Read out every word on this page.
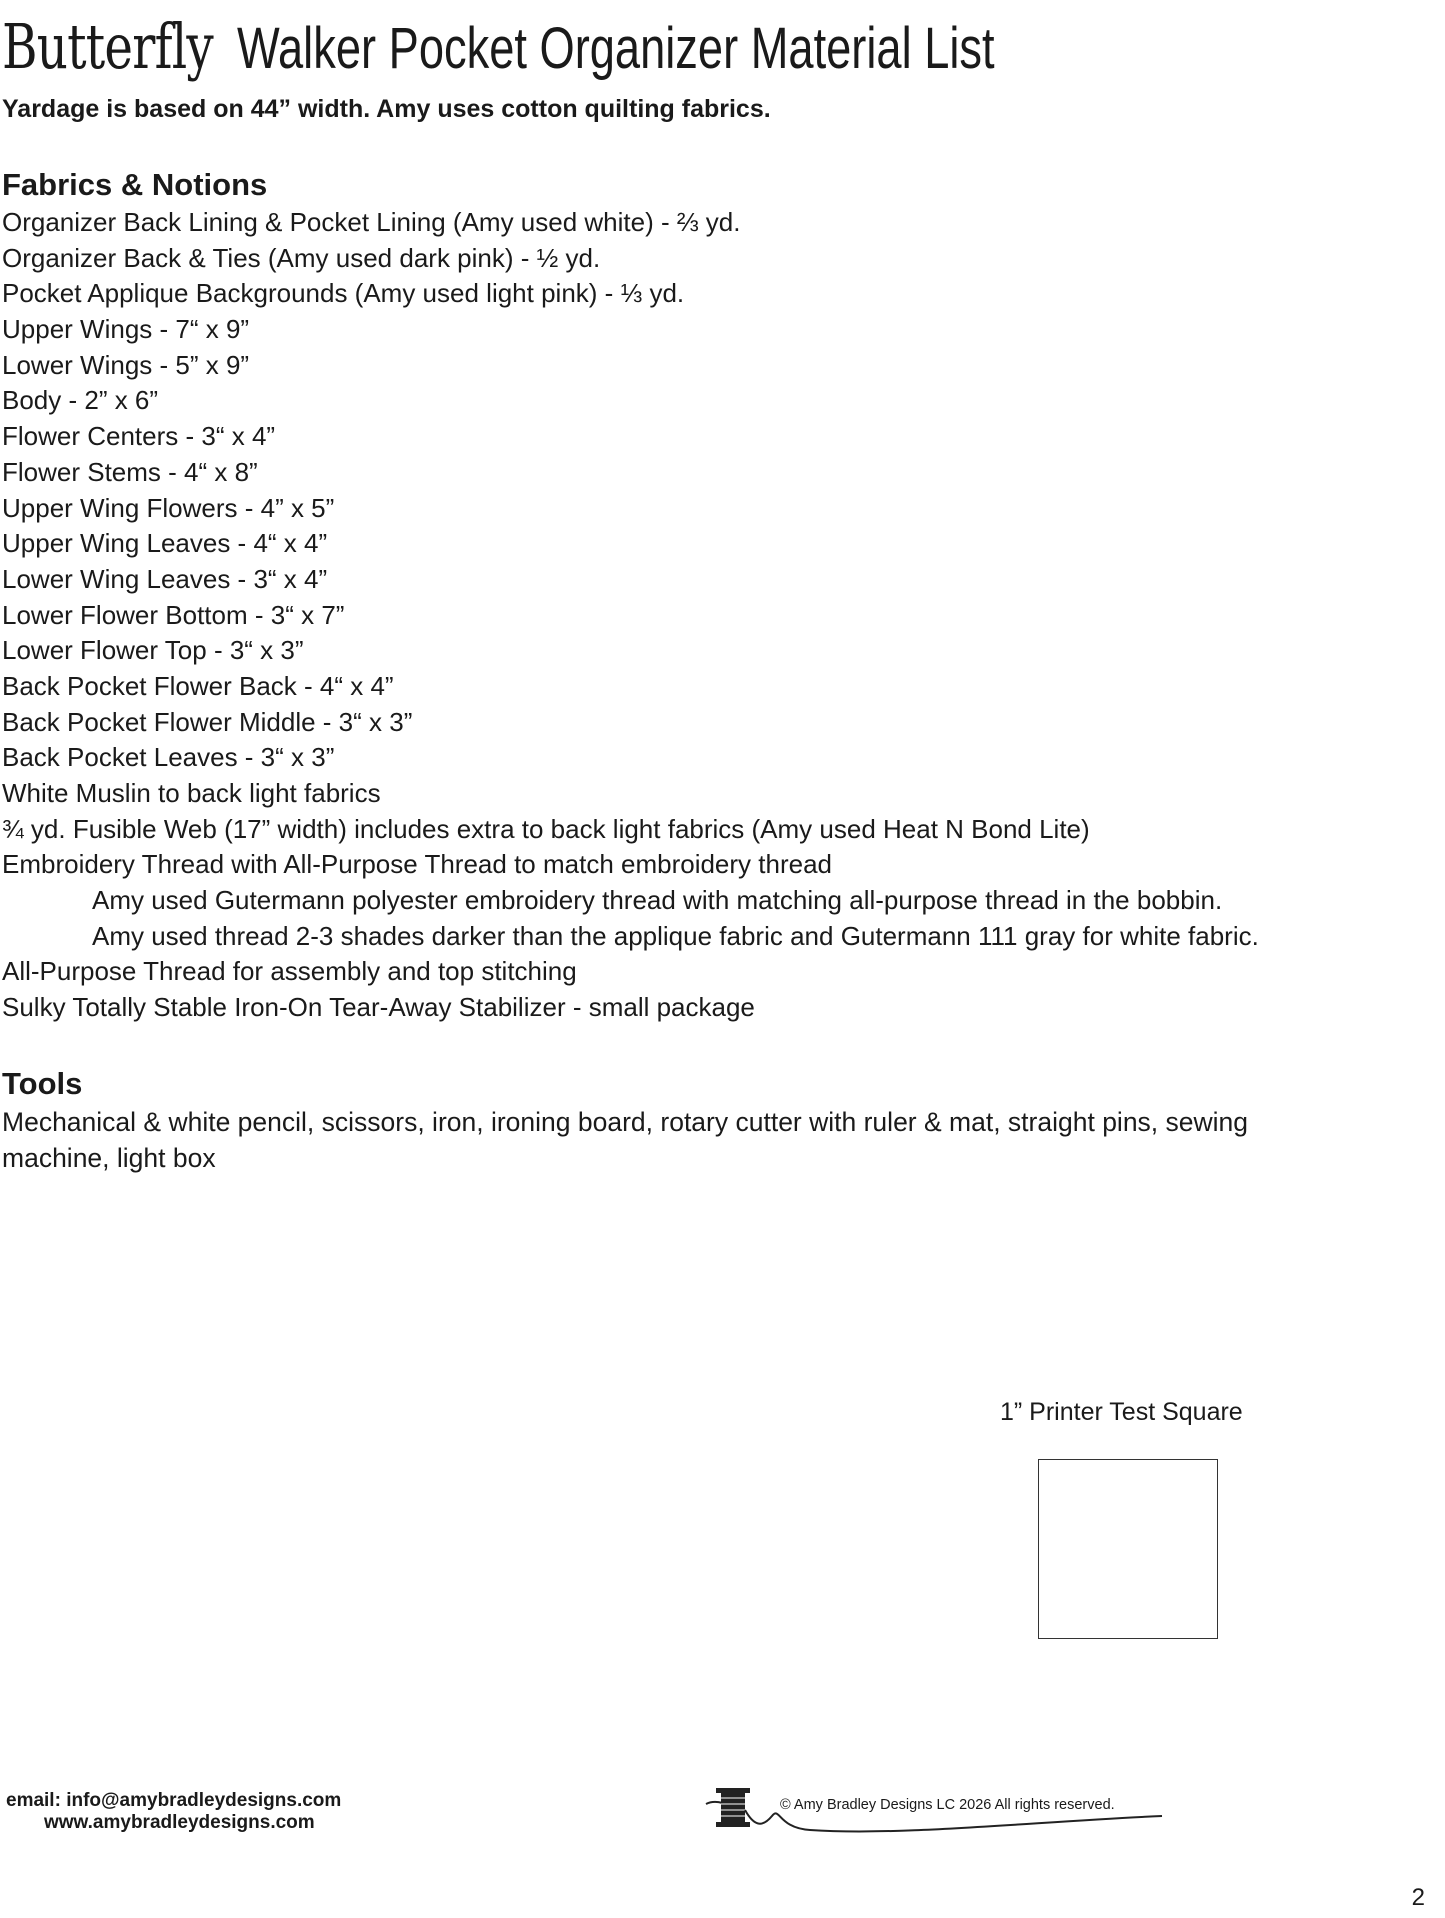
Butterfly Walker Pocket Organizer Material List
Yardage is based on 44” width. Amy uses cotton quilting fabrics.
Fabrics & Notions
Organizer Back Lining & Pocket Lining (Amy used white) - ⅔ yd.
Organizer Back & Ties (Amy used dark pink) - ½ yd.
Pocket Applique Backgrounds (Amy used light pink) - ⅓ yd.
Upper Wings - 7“ x 9”
Lower Wings - 5” x 9”
Body - 2” x 6”
Flower Centers - 3“ x 4”
Flower Stems - 4“ x 8”
Upper Wing Flowers - 4” x 5”
Upper Wing Leaves - 4“ x 4”
Lower Wing Leaves - 3“ x 4”
Lower Flower Bottom - 3“ x 7”
Lower Flower Top - 3“ x 3”
Back Pocket Flower Back - 4“ x 4”
Back Pocket Flower Middle - 3“ x 3”
Back Pocket Leaves - 3“ x 3”
White Muslin to back light fabrics
¾ yd. Fusible Web (17” width) includes extra to back light fabrics (Amy used Heat N Bond Lite)
Embroidery Thread with All-Purpose Thread to match embroidery thread
Amy used Gutermann polyester embroidery thread with matching all-purpose thread in the bobbin.
Amy used thread 2-3 shades darker than the applique fabric and Gutermann 111 gray for white fabric.
All-Purpose Thread for assembly and top stitching
Sulky Totally Stable Iron-On Tear-Away Stabilizer - small package
Tools
Mechanical & white pencil, scissors, iron, ironing board, rotary cutter with ruler & mat, straight pins, sewing machine, light box
1” Printer Test Square
email: info@amybradleydesigns.com
www.amybradleydesigns.com
© Amy Bradley Designs LC 2026 All rights reserved.
2
